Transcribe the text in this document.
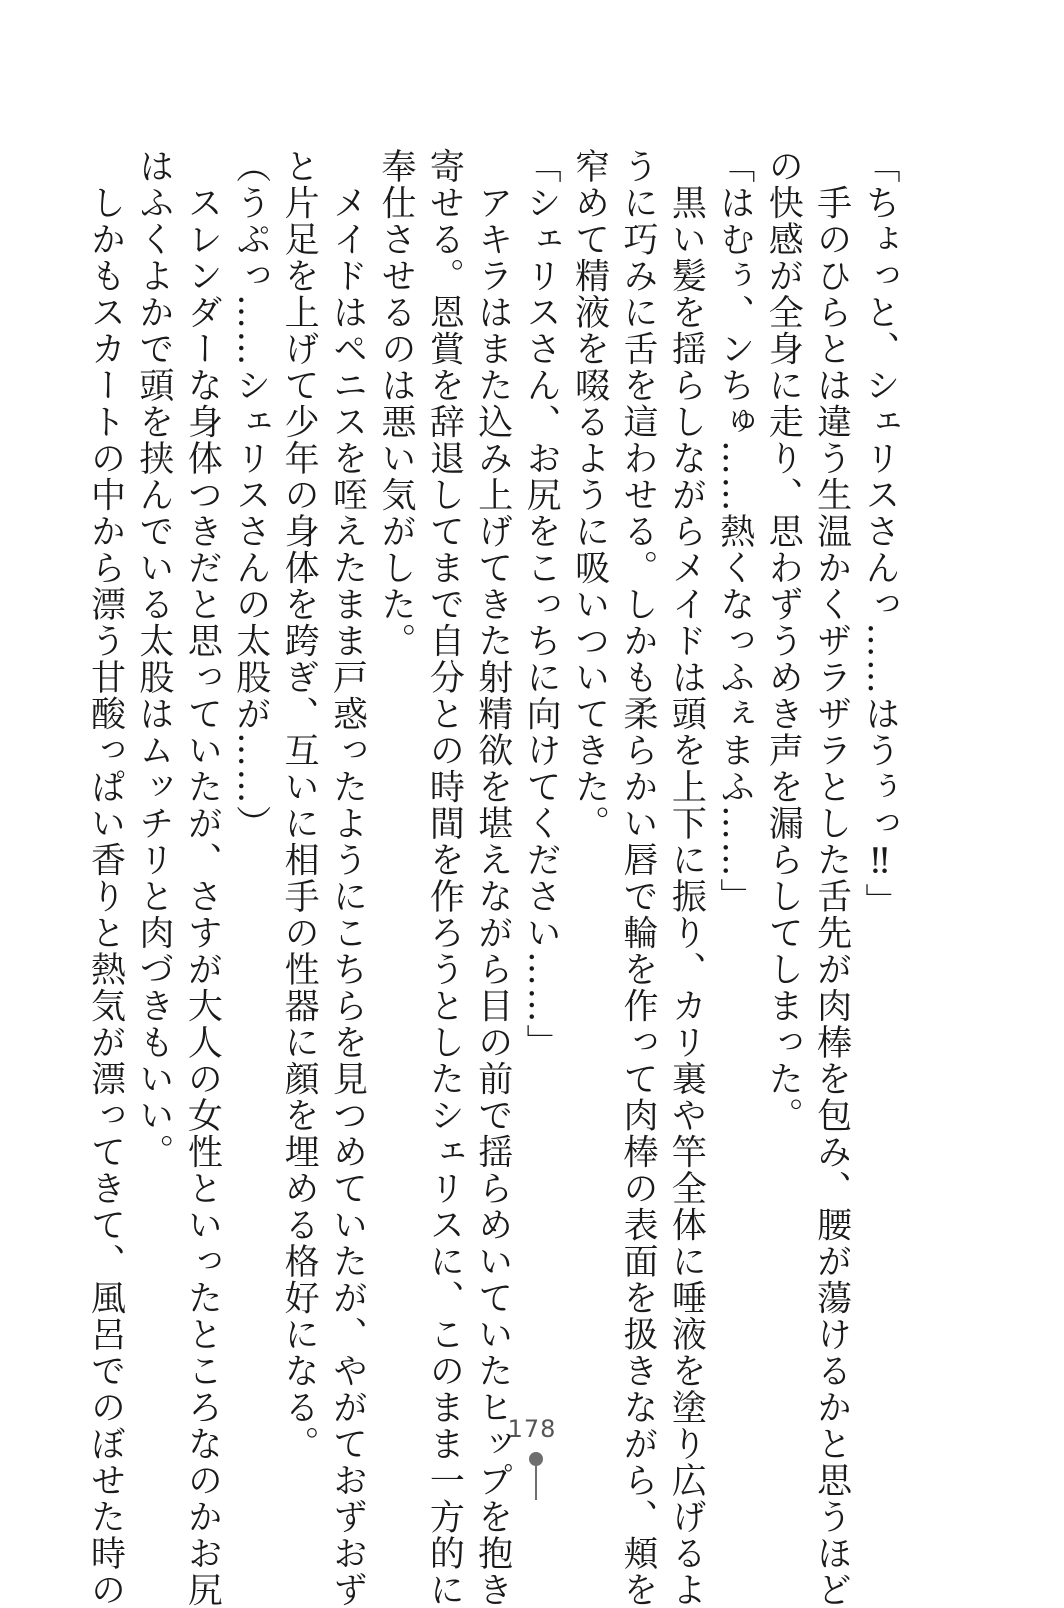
「ちょっと、シェリスさんっ……はうぅっ‼」

　手のひらとは違う生温かくザラザラとした舌先が肉棒を包み、腰が蕩けるかと思うほど

の快感が全身に走り、思わずうめき声を漏らしてしまった。

「はむぅ、ンちゅ……熱くなっふぇまふ……」

　黒い髪を揺らしながらメイドは頭を上下に振り、カリ裏や竿全体に唾液を塗り広げるよ

うに巧みに舌を這わせる。しかも柔らかい唇で輪を作って肉棒の表面を扱きながら、頬を

窄めて精液を啜るように吸いついてきた。

「シェリスさん、お尻をこっちに向けてください……」

　アキラはまた込み上げてきた射精欲を堪えながら目の前で揺らめいていたヒップを抱き

寄せる。恩賞を辞退してまで自分との時間を作ろうとしたシェリスに、このまま一方的に

奉仕させるのは悪い気がした。

　メイドはペニスを咥えたまま戸惑ったようにこちらを見つめていたが、やがておずおず

と片足を上げて少年の身体を跨ぎ、互いに相手の性器に顔を埋める格好になる。

（うぷっ……シェリスさんの太股が……）

　スレンダーな身体つきだと思っていたが、さすが大人の女性といったところなのかお尻

はふくよかで頭を挟んでいる太股はムッチリと肉づきもいい。

　しかもスカートの中から漂う甘酸っぱい香りと熱気が漂ってきて、風呂でのぼせた時の	178
